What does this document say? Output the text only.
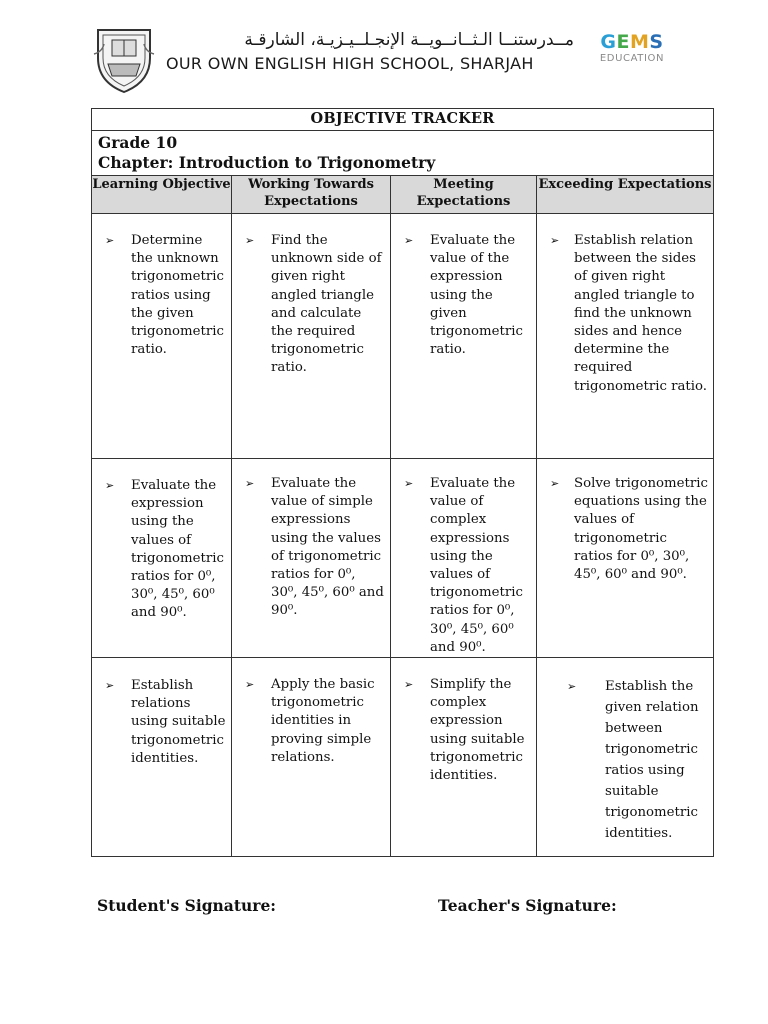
مــدرستنــا الـثــانــويــة الإنجـلــيـزيـة، الشارقـة
OUR OWN ENGLISH HIGH SCHOOL, SHARJAH
GEMS
EDUCATION
OBJECTIVE TRACKER			

Grade 10
Chapter: Introduction to Trigonometry			

Learning Objective	Working Towards Expectations	Meeting Expectations	Exceeding Expectations

➢ Determine the unknown trigonometric ratios using the given trigonometric ratio.	➢ Find the unknown side of given right angled triangle and calculate the required trigonometric ratio.	➢ Evaluate the value of the expression using the given trigonometric ratio.	➢ Establish relation between the sides of given right angled triangle to find the unknown sides and hence determine the required trigonometric ratio.

➢ Evaluate the expression using the values of trigonometric ratios for 0⁰, 30⁰, 45⁰, 60⁰ and 90⁰.	➢ Evaluate the value of simple expressions using the values of trigonometric ratios for 0⁰, 30⁰, 45⁰, 60⁰ and 90⁰.	➢ Evaluate the value of complex expressions using the values of trigonometric ratios for 0⁰, 30⁰, 45⁰, 60⁰ and 90⁰.	➢ Solve trigonometric equations using the values of trigonometric ratios for 0⁰, 30⁰, 45⁰, 60⁰ and 90⁰.

➢ Establish relations using suitable trigonometric identities.	➢ Apply the basic trigonometric identities in proving simple relations.	➢ Simplify the complex expression using suitable trigonometric identities.	➢ Establish the given relation between trigonometric ratios using suitable trigonometric identities.
Student's Signature:	Teacher's Signature:
